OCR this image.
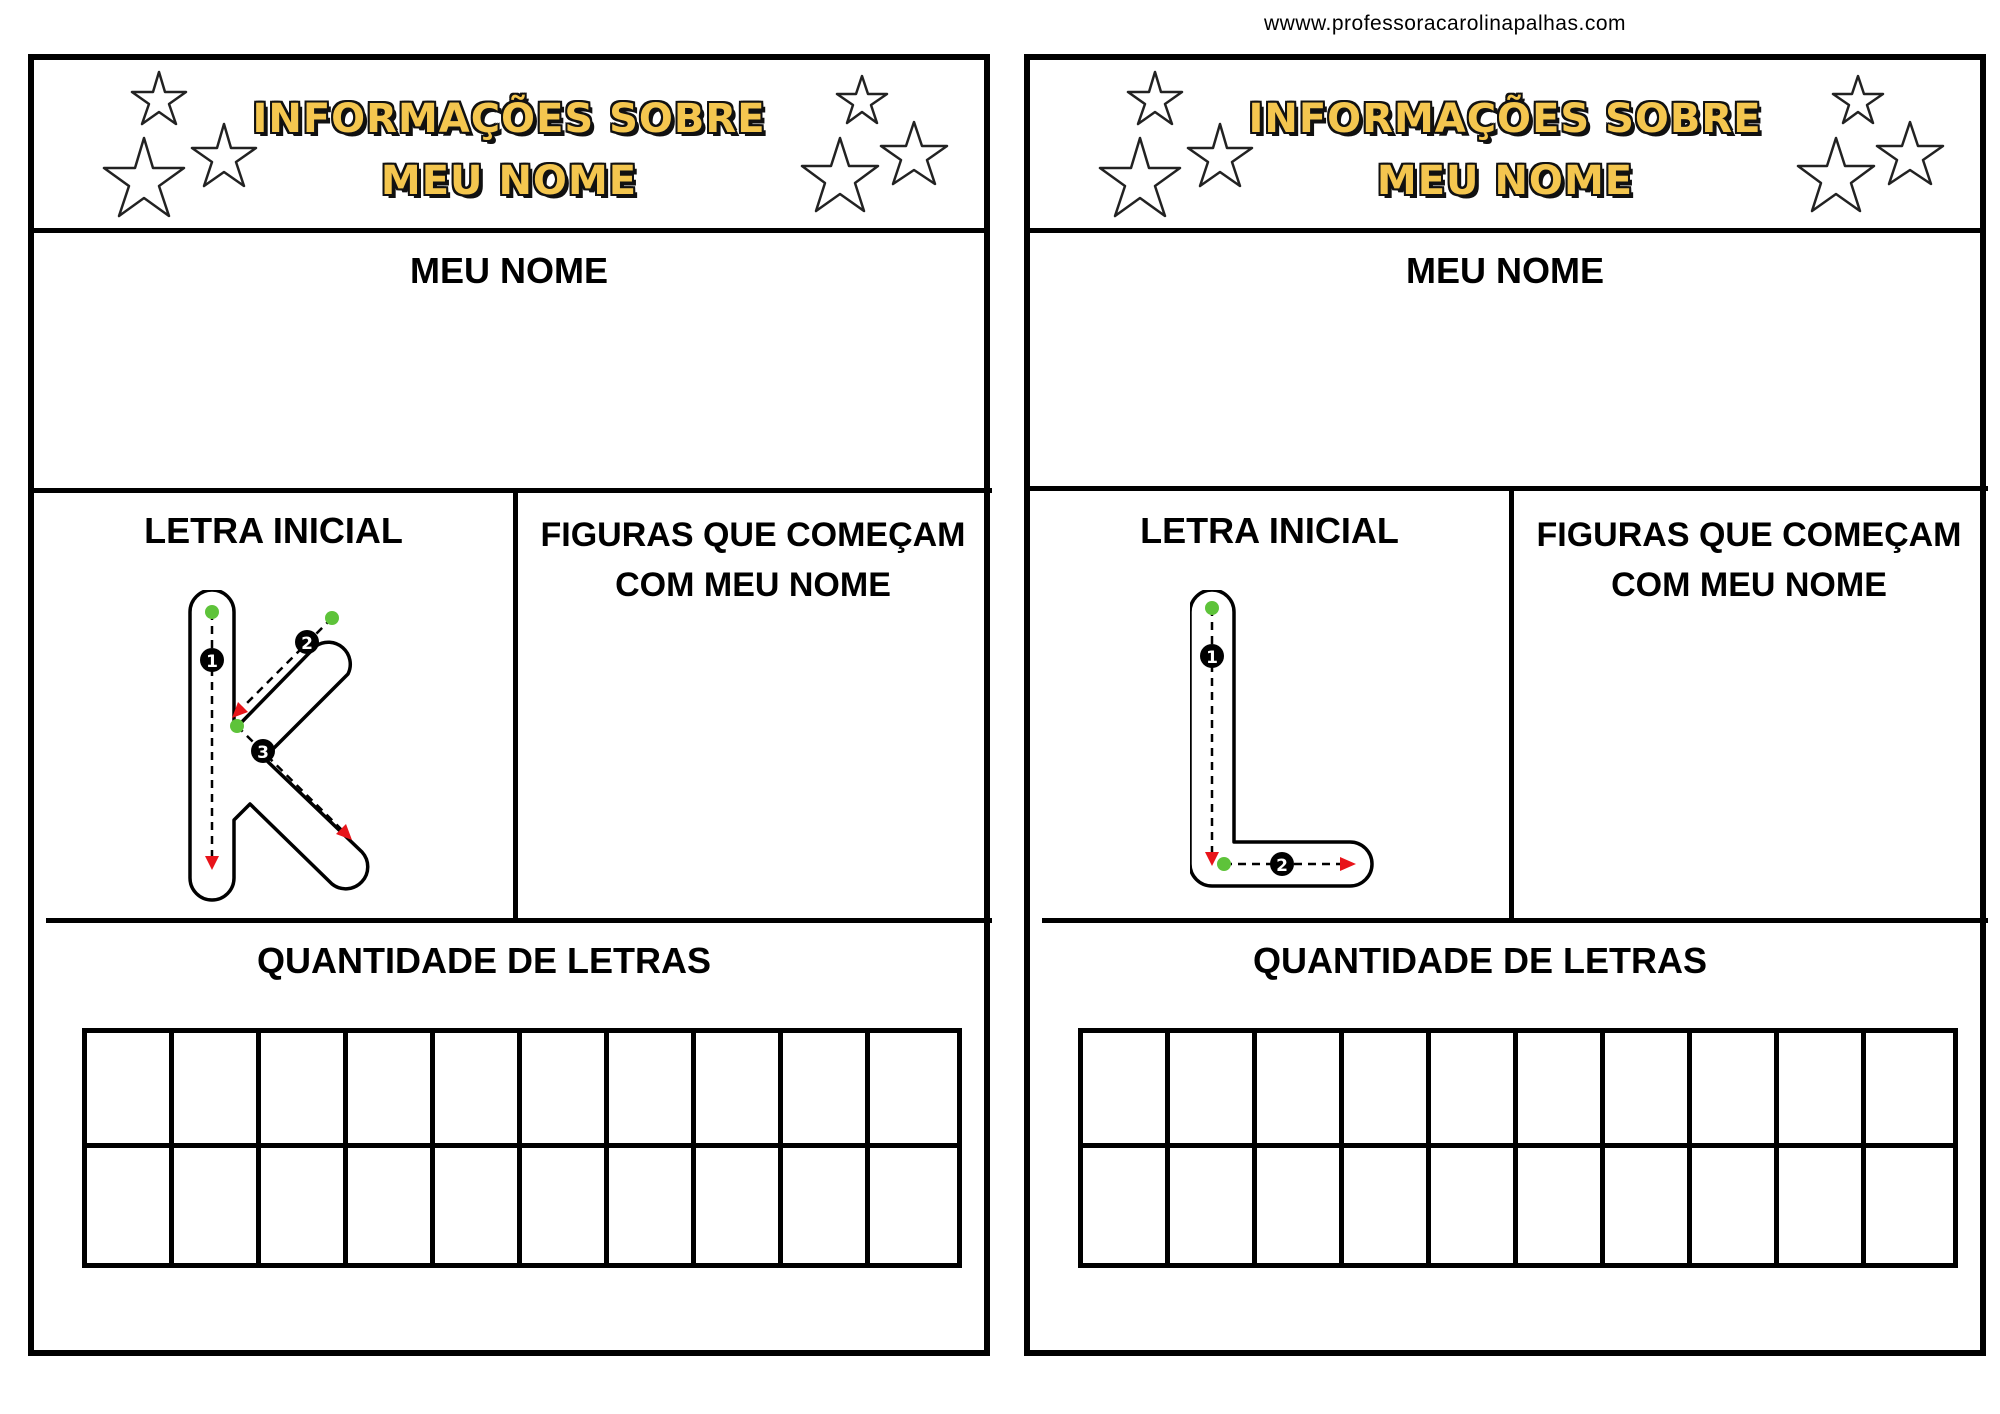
wwww.professoracarolinapalhas.com
INFORMAÇÕES SOBRE
MEU NOME
MEU NOME
LETRA INICIAL	FIGURAS QUE COMEÇAM
COM MEU NOME
1
2
3
QUANTIDADE DE LETRAS
INFORMAÇÕES SOBRE
MEU NOME
MEU NOME
LETRA INICIAL	FIGURAS QUE COMEÇAM
COM MEU NOME
1
2
QUANTIDADE DE LETRAS
